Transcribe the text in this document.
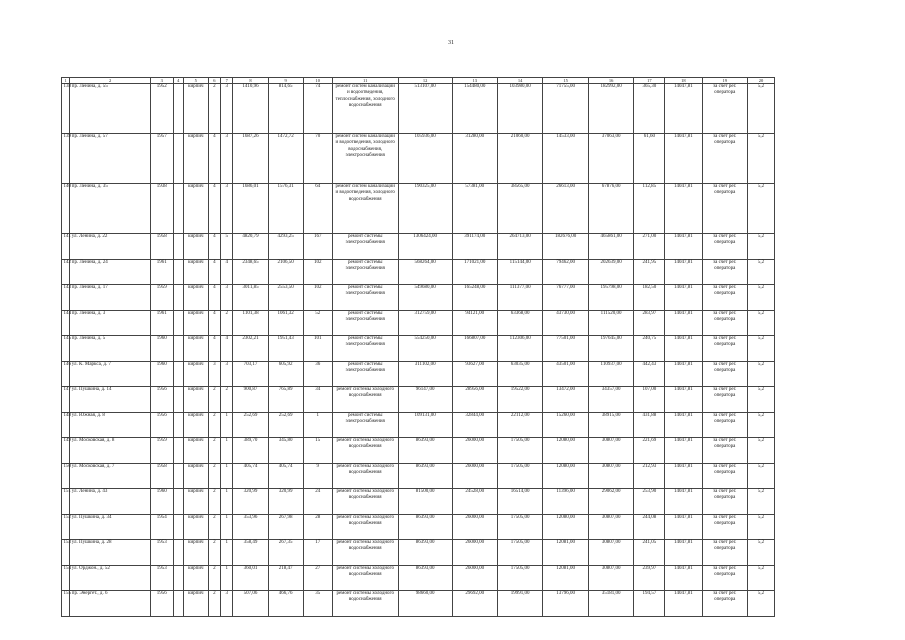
31
1	2	3	4	5	6	7	8	9	10	11	12	13	14	15	16	17	18	19	20
138	пр. Ленина, д. 55	1952		кирпич	2	3	1410,96	814,65	74	ремонт систем канализации и водоотведения, теплоснабжения, холодного водоснабжения	513107,00	154480,00	103980,00	71755,00	182992,00	365,30	14047,81	за счет рег. оператора	5,2
139	пр. Ленина, д. 57	1957		кирпич	4	3	1687,26	1472,72	70	ремонт систем канализации и водоотведения, холодного водоснабжения, электроснабжения	105936,00	31280,00	21060,00	14533,00	37063,00	61,60	14047,81	за счет рег. оператора	5,2
140	пр. Ленина, д. 35	1938		кирпич	4	3	1686,01	1576,31	64	ремонт систем канализации и водоотведения, холодного водоснабжения	190325,00	57381,00	38565,00	26613,00	67876,00	112,85	14047,81	за счет рег. оператора	5,2
141	ул. Ленина, д. 22	1958		кирпич	4	5	4820,79	4293,25	167	ремонт системы электроснабжения	1306424,00	391174,00	264713,00	182676,00	465861,00	271,00	14047,81	за счет рег. оператора	5,2
142	пр. Ленина, д. 24	1961		кирпич	4	4	2348,65	2106,50	102	ремонт системы электроснабжения	568264,00	171021,00	115144,00	79462,00	202639,00	241,95	14047,81	за счет рег. оператора	5,2
143	пр. Ленина, д. 17	1959		кирпич	4	3	3011,85	2553,50	102	ремонт системы электроснабжения	549680,00	165248,00	111377,00	76777,00	195798,00	182,50	14047,81	за счет рег. оператора	5,2
144	пр. Ленина, д. 3	1961		кирпич	4	2	1101,38	1061,32	52	ремонт системы электроснабжения	312759,00	94121,00	63368,00	43730,00	111520,00	283,97	14047,81	за счет рег. оператора	5,2
145	пр. Ленина, д. 5	1960		кирпич	4	4	2302,21	1951,43	101	ремонт системы электроснабжения	554250,00	166807,00	112306,00	77501,00	197645,00	240,75	14047,81	за счет рег. оператора	5,2
146	ул. К. Маркса, д. 7	1960		кирпич	3	3	703,17	605,92	36	ремонт системы электроснабжения	311102,00	93627,00	63035,00	43501,00	110937,00	442,43	14047,81	за счет рег. оператора	5,2
147	ул. Пушкина, д. 14	1956		кирпич	2	2	900,87	765,89	34	ремонт системы холодного водоснабжения	96147,00	28956,00	19522,00	13472,00	34357,00	107,00	14047,81	за счет рег. оператора	5,2
148	ул. Южная, д. 8	1956		кирпич	2	1	252,69	252,69	1	ремонт системы электроснабжения	109131,00	32844,00	22112,00	15260,00	38915,00	431,88	14047,81	за счет рег. оператора	5,2
149	ул. Московская, д. 8	1959		кирпич	2	1	389,70	345,80	15	ремонт системы холодного водоснабжения	86393,00	26000,00	17505,00	12080,00	30807,00	221,69	14047,81	за счет рег. оператора	5,2
150	ул. Московская, д. 7	1958		кирпич	2	1	405,74	405,74	9	ремонт системы холодного водоснабжения	86393,00	26000,00	17505,00	12080,00	30807,00	212,93	14047,81	за счет рег. оператора	5,2
151	ул. Ленина, д. 43	1960		кирпич	2	1	320,99	320,99	24	ремонт системы холодного водоснабжения	81500,00	24528,00	16514,00	11396,00	29062,00	253,90	14047,81	за счет рег. оператора	5,2
152	ул. Пушкина, д. 34	1954		кирпич	2	1	353,96	267,98	28	ремонт системы холодного водоснабжения	86393,00	26000,00	17505,00	12080,00	30807,00	244,08	14047,81	за счет рег. оператора	5,2
153	ул. Пушкина, д. 28	1953		кирпич	2	1	358,49	267,35	17	ремонт системы холодного водоснабжения	86393,00	26000,00	17505,00	12081,00	30807,00	241,05	14047,81	за счет рег. оператора	5,2
154	ул. Орджон., д. 52	1953		кирпич	2	1	360,01	218,47	27	ремонт системы холодного водоснабжения	86393,00	26000,00	17505,00	12081,00	30807,00	239,97	14047,81	за счет рег. оператора	5,2
155	пр. Энергет., д. 6	1956		кирпич	2	3	507,06	466,76	35	ремонт системы холодного водоснабжения	98660,00	29692,00	19991,00	13796,00	35181,00	194,57	14047,81	за счет рег. оператора	5,2
